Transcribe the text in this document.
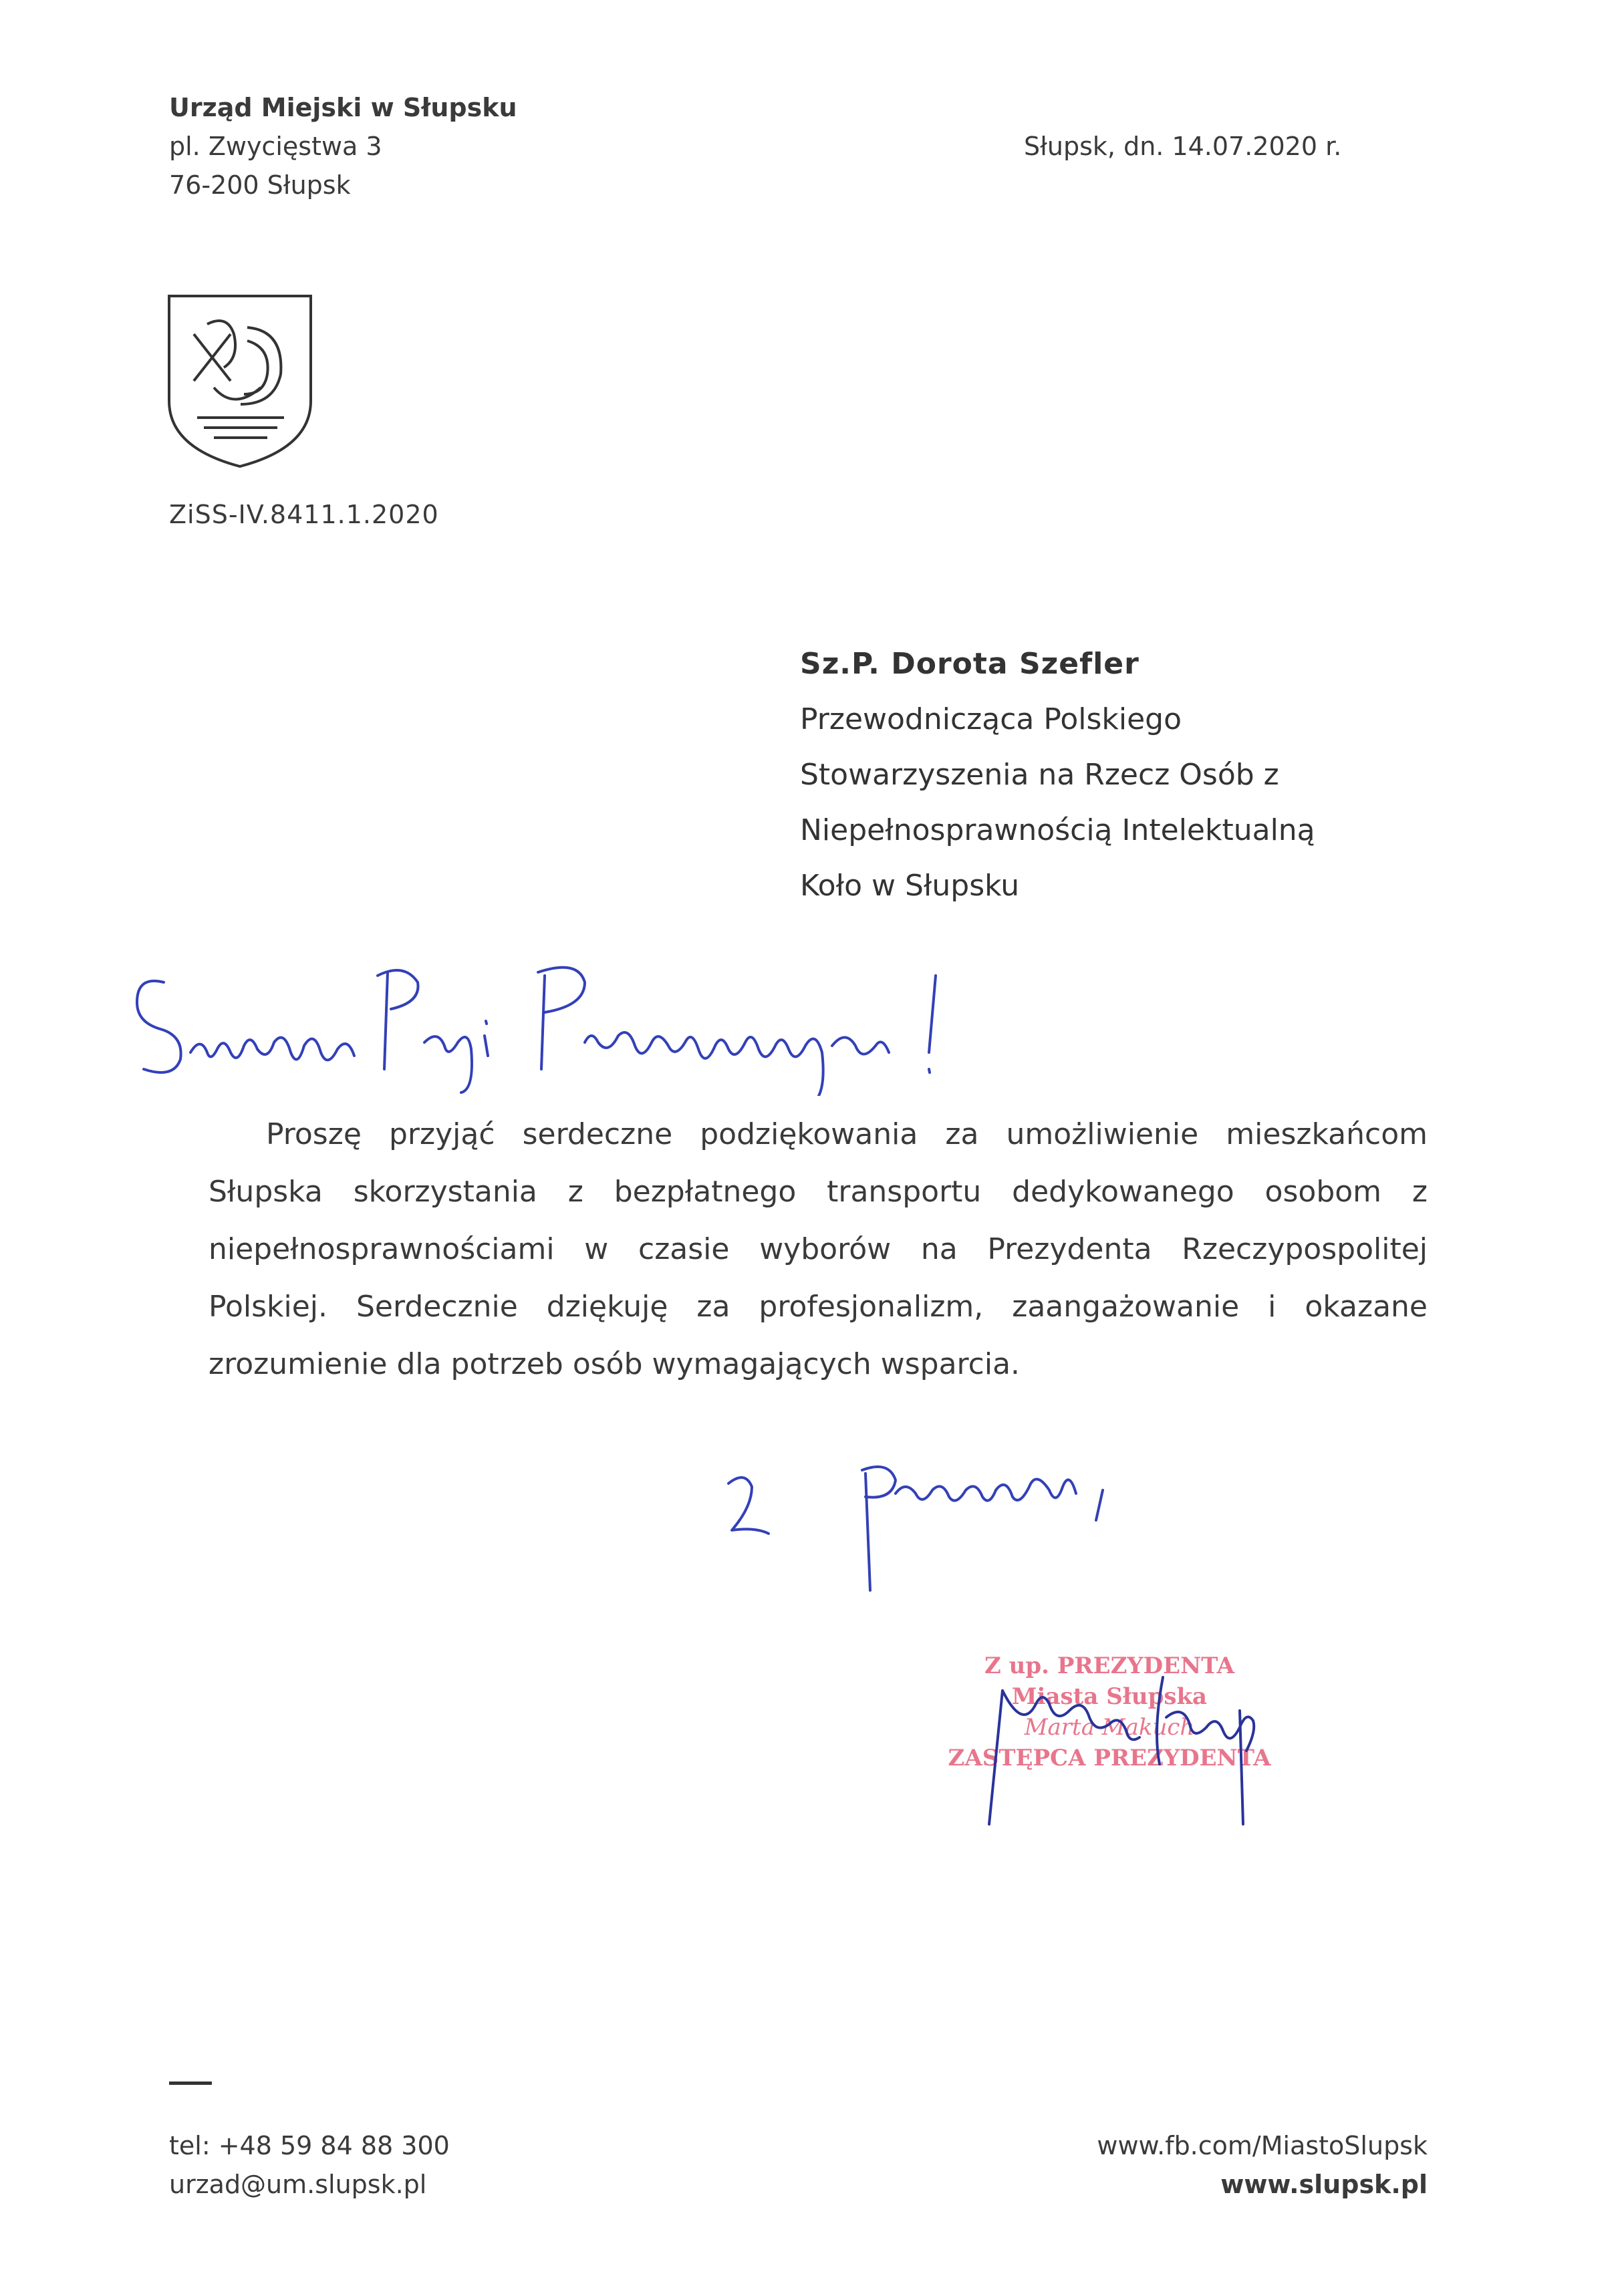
Urząd Miejski w Słupsku
pl. Zwycięstwa 3
76-200 Słupsk
Słupsk, dn. 14.07.2020 r.
ZiSS-IV.8411.1.2020
Sz.P. Dorota Szefler
Przewodnicząca Polskiego
Stowarzyszenia na Rzecz Osób z
Niepełnosprawnością Intelektualną
Koło w Słupsku

Proszę przyjąć serdeczne podziękowania za umożliwienie mieszkańcom Słupska skorzystania z bezpłatnego transportu dedykowanego osobom z niepełnosprawnościami w czasie wyborów na Prezydenta Rzeczypospolitej Polskiej. Serdecznie dziękuję za profesjonalizm, zaangażowanie i okazane zrozumienie dla potrzeb osób wymagających wsparcia.

Z up. PREZYDENTA
Miasta Słupska
Marta Makuch
ZASTĘPCA PREZYDENTA
tel: +48 59 84 88 300
urzad@um.slupsk.pl
www.fb.com/MiastoSlupsk
www.slupsk.pl
